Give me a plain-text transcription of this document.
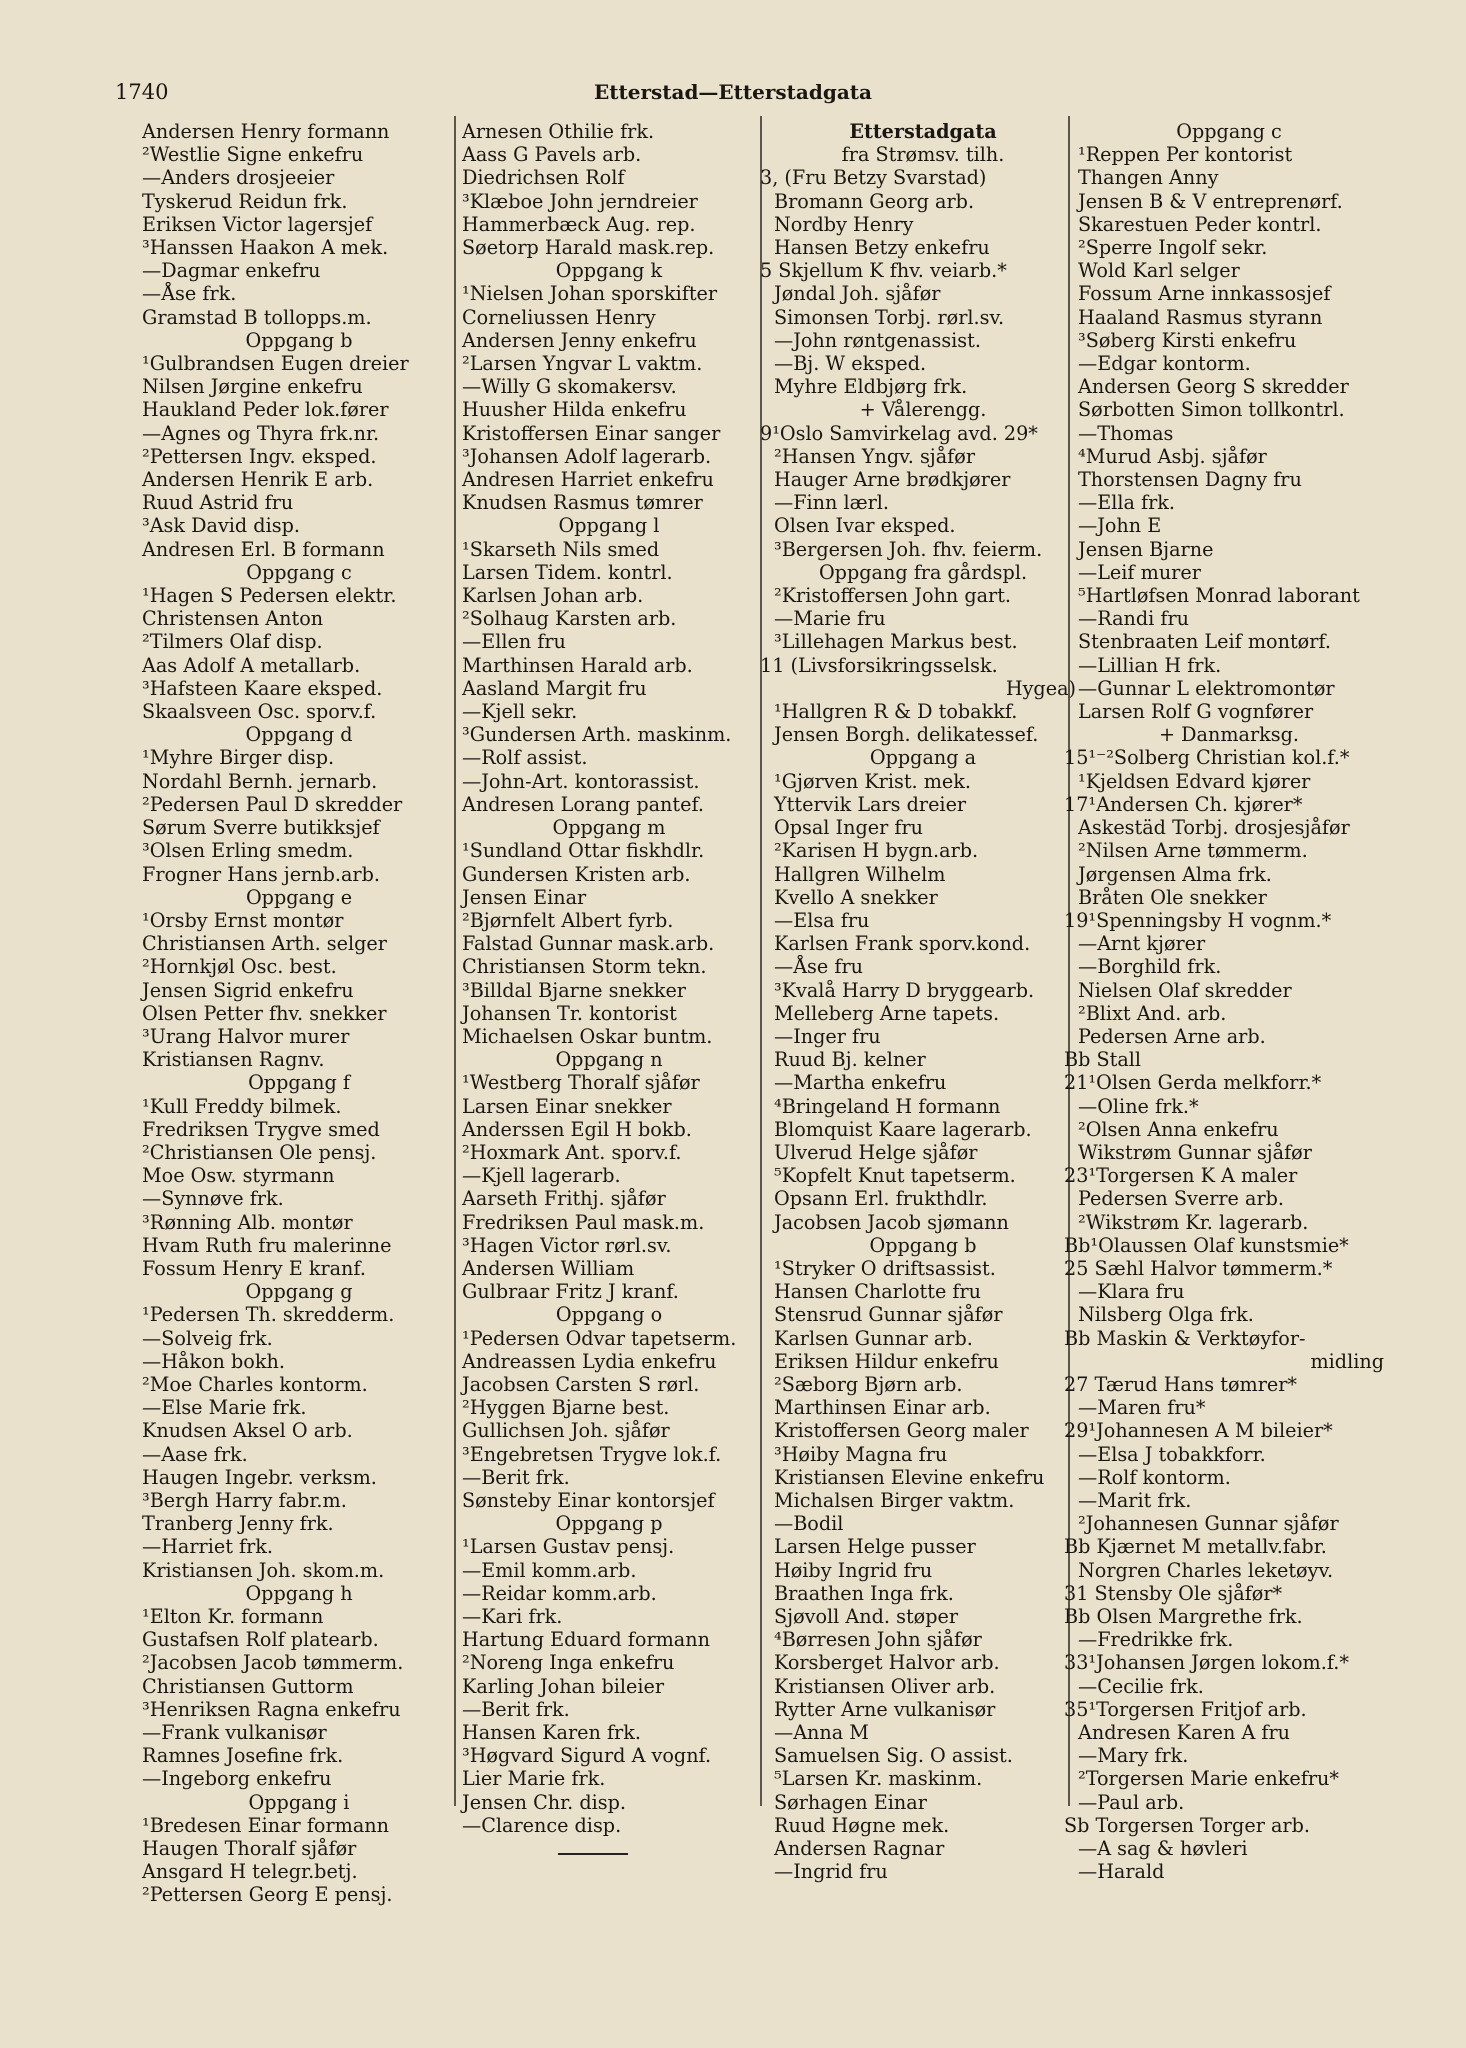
1740	Etterstad—Etterstadgata
Andersen Henry formann
²Westlie Signe enkefru
—Anders drosjeeier
Tyskerud Reidun frk.
Eriksen Victor lagersjef
³Hanssen Haakon A mek.
—Dagmar enkefru
—Åse frk.
Gramstad B tollopps.m.
Oppgang b
¹Gulbrandsen Eugen dreier
Nilsen Jørgine enkefru
Haukland Peder lok.fører
—Agnes og Thyra frk.nr.
²Pettersen Ingv. eksped.
Andersen Henrik E arb.
Ruud Astrid fru
³Ask David disp.
Andresen Erl. B formann
Oppgang c
¹Hagen S Pedersen elektr.
Christensen Anton
²Tilmers Olaf disp.
Aas Adolf A metallarb.
³Hafsteen Kaare eksped.
Skaalsveen Osc. sporv.f.
Oppgang d
¹Myhre Birger disp.
Nordahl Bernh. jernarb.
²Pedersen Paul D skredder
Sørum Sverre butikksjef
³Olsen Erling smedm.
Frogner Hans jernb.arb.
Oppgang e
¹Orsby Ernst montør
Christiansen Arth. selger
²Hornkjøl Osc. best.
Jensen Sigrid enkefru
Olsen Petter fhv. snekker
³Urang Halvor murer
Kristiansen Ragnv.
Oppgang f
¹Kull Freddy bilmek.
Fredriksen Trygve smed
²Christiansen Ole pensj.
Moe Osw. styrmann
—Synnøve frk.
³Rønning Alb. montør
Hvam Ruth fru malerinne
Fossum Henry E kranf.
Oppgang g
¹Pedersen Th. skredderm.
—Solveig frk.
—Håkon bokh.
²Moe Charles kontorm.
—Else Marie frk.
Knudsen Aksel O arb.
—Aase frk.
Haugen Ingebr. verksm.
³Bergh Harry fabr.m.
Tranberg Jenny frk.
—Harriet frk.
Kristiansen Joh. skom.m.
Oppgang h
¹Elton Kr. formann
Gustafsen Rolf platearb.
²Jacobsen Jacob tømmerm.
Christiansen Guttorm
³Henriksen Ragna enkefru
—Frank vulkanisør
Ramnes Josefine frk.
—Ingeborg enkefru
Oppgang i
¹Bredesen Einar formann
Haugen Thoralf sjåfør
Ansgard H telegr.betj.
²Pettersen Georg E pensj.
Arnesen Othilie frk.
Aass G Pavels arb.
Diedrichsen Rolf
³Klæboe John jerndreier
Hammerbæck Aug. rep.
Søetorp Harald mask.rep.
Oppgang k
¹Nielsen Johan sporskifter
Corneliussen Henry
Andersen Jenny enkefru
²Larsen Yngvar L vaktm.
—Willy G skomakersv.
Huusher Hilda enkefru
Kristoffersen Einar sanger
³Johansen Adolf lagerarb.
Andresen Harriet enkefru
Knudsen Rasmus tømrer
Oppgang l
¹Skarseth Nils smed
Larsen Tidem. kontrl.
Karlsen Johan arb.
²Solhaug Karsten arb.
—Ellen fru
Marthinsen Harald arb.
Aasland Margit fru
—Kjell sekr.
³Gundersen Arth. maskinm.
—Rolf assist.
—John-Art. kontorassist.
Andresen Lorang pantef.
Oppgang m
¹Sundland Ottar fiskhdlr.
Gundersen Kristen arb.
Jensen Einar
²Bjørnfelt Albert fyrb.
Falstad Gunnar mask.arb.
Christiansen Storm tekn.
³Billdal Bjarne snekker
Johansen Tr. kontorist
Michaelsen Oskar buntm.
Oppgang n
¹Westberg Thoralf sjåfør
Larsen Einar snekker
Anderssen Egil H bokb.
²Hoxmark Ant. sporv.f.
—Kjell lagerarb.
Aarseth Frithj. sjåfør
Fredriksen Paul mask.m.
³Hagen Victor rørl.sv.
Andersen William
Gulbraar Fritz J kranf.
Oppgang o
¹Pedersen Odvar tapetserm.
Andreassen Lydia enkefru
Jacobsen Carsten S rørl.
²Hyggen Bjarne best.
Gullichsen Joh. sjåfør
³Engebretsen Trygve lok.f.
—Berit frk.
Sønsteby Einar kontorsjef
Oppgang p
¹Larsen Gustav pensj.
—Emil komm.arb.
—Reidar komm.arb.
—Kari frk.
Hartung Eduard formann
²Noreng Inga enkefru
Karling Johan bileier
—Berit frk.
Hansen Karen frk.
³Høgvard Sigurd A vognf.
Lier Marie frk.
Jensen Chr. disp.
—Clarence disp.
Etterstadgata
fra Strømsv. tilh.
3, (Fru Betzy Svarstad)
Bromann Georg arb.
Nordby Henry
Hansen Betzy enkefru
5 Skjellum K fhv. veiarb.*
Jøndal Joh. sjåfør
Simonsen Torbj. rørl.sv.
—John røntgenassist.
—Bj. W eksped.
Myhre Eldbjørg frk.
+ Vålerengg.
9¹Oslo Samvirkelag avd. 29*
²Hansen Yngv. sjåfør
Hauger Arne brødkjører
—Finn lærl.
Olsen Ivar eksped.
³Bergersen Joh. fhv. feierm.
Oppgang fra gårdspl.
²Kristoffersen John gart.
—Marie fru
³Lillehagen Markus best.
11 (Livsforsikringsselsk.
Hygea)
¹Hallgren R & D tobakkf.
Jensen Borgh. delikatessef.
Oppgang a
¹Gjørven Krist. mek.
Yttervik Lars dreier
Opsal Inger fru
²Karisen H bygn.arb.
Hallgren Wilhelm
Kvello A snekker
—Elsa fru
Karlsen Frank sporv.kond.
—Åse fru
³Kvalå Harry D bryggearb.
Melleberg Arne tapets.
—Inger fru
Ruud Bj. kelner
—Martha enkefru
⁴Bringeland H formann
Blomquist Kaare lagerarb.
Ulverud Helge sjåfør
⁵Kopfelt Knut tapetserm.
Opsann Erl. frukthdlr.
Jacobsen Jacob sjømann
Oppgang b
¹Stryker O driftsassist.
Hansen Charlotte fru
Stensrud Gunnar sjåfør
Karlsen Gunnar arb.
Eriksen Hildur enkefru
²Sæborg Bjørn arb.
Marthinsen Einar arb.
Kristoffersen Georg maler
³Høiby Magna fru
Kristiansen Elevine enkefru
Michalsen Birger vaktm.
—Bodil
Larsen Helge pusser
Høiby Ingrid fru
Braathen Inga frk.
Sjøvoll And. støper
⁴Børresen John sjåfør
Korsberget Halvor arb.
Kristiansen Oliver arb.
Rytter Arne vulkanisør
—Anna M
Samuelsen Sig. O assist.
⁵Larsen Kr. maskinm.
Sørhagen Einar
Ruud Høgne mek.
Andersen Ragnar
—Ingrid fru
Oppgang c
¹Reppen Per kontorist
Thangen Anny
Jensen B & V entreprenørf.
Skarestuen Peder kontrl.
²Sperre Ingolf sekr.
Wold Karl selger
Fossum Arne innkassosjef
Haaland Rasmus styrann
³Søberg Kirsti enkefru
—Edgar kontorm.
Andersen Georg S skredder
Sørbotten Simon tollkontrl.
—Thomas
⁴Murud Asbj. sjåfør
Thorstensen Dagny fru
—Ella frk.
—John E
Jensen Bjarne
—Leif murer
⁵Hartløfsen Monrad laborant
—Randi fru
Stenbraaten Leif montørf.
—Lillian H frk.
—Gunnar L elektromontør
Larsen Rolf G vognfører
+ Danmarksg.
15¹⁻²Solberg Christian kol.f.*
¹Kjeldsen Edvard kjører
17¹Andersen Ch. kjører*
Askestäd Torbj. drosjesjåfør
²Nilsen Arne tømmerm.
Jørgensen Alma frk.
Bråten Ole snekker
19¹Spenningsby H vognm.*
—Arnt kjører
—Borghild frk.
Nielsen Olaf skredder
²Blixt And. arb.
Pedersen Arne arb.
Bb Stall
21¹Olsen Gerda melkforr.*
—Oline frk.*
²Olsen Anna enkefru
Wikstrøm Gunnar sjåfør
23¹Torgersen K A maler
Pedersen Sverre arb.
²Wikstrøm Kr. lagerarb.
Bb¹Olaussen Olaf kunstsmie*
25 Sæhl Halvor tømmerm.*
—Klara fru
Nilsberg Olga frk.
Bb Maskin & Verktøyfor-
midling
27 Tærud Hans tømrer*
—Maren fru*
29¹Johannesen A M bileier*
—Elsa J tobakkforr.
—Rolf kontorm.
—Marit frk.
²Johannesen Gunnar sjåfør
Bb Kjærnet M metallv.fabr.
Norgren Charles leketøyv.
31 Stensby Ole sjåfør*
Bb Olsen Margrethe frk.
—Fredrikke frk.
33¹Johansen Jørgen lokom.f.*
—Cecilie frk.
35¹Torgersen Fritjof arb.
Andresen Karen A fru
—Mary frk.
²Torgersen Marie enkefru*
—Paul arb.
Sb Torgersen Torger arb.
—A sag & høvleri
—Harald
